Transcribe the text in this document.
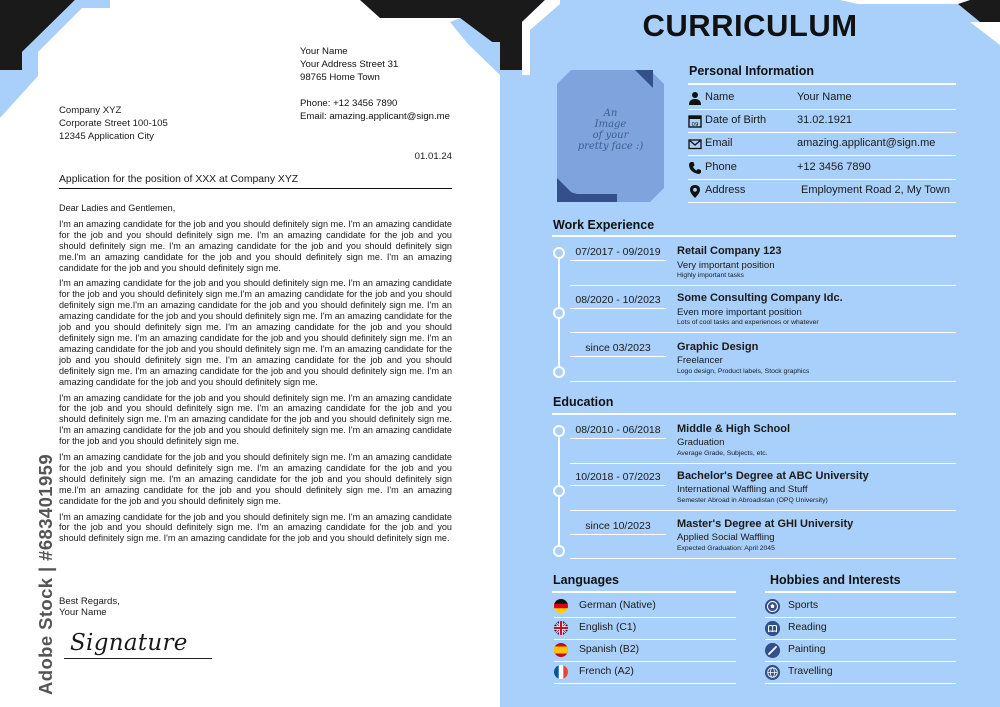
Your Name
Your Address Street 31
98765 Home Town
Phone: +12 3456 7890
Email: amazing.applicant@sign.me
Company XYZ
Corporate Street 100-105
12345 Application City
01.01.24
Application for the position of XXX at Company XYZ

Dear Ladies and Gentlemen,

I'm an amazing candidate for the job and you should definitely sign me. I'm an amazing candidate for the job and you should definitely sign me. I'm an amazing candidate for the job and you should definitely sign me. I'm an amazing candidate for the job and you should definitely sign me.I'm an amazing candidate for the job and you should definitely sign me. I'm an amazing candidate for the job and you should definitely sign me.

I'm an amazing candidate for the job and you should definitely sign me. I'm an amazing candidate for the job and you should definitely sign me.I'm an amazing candidate for the job and you should definitely sign me.I'm an amazing candidate for the job and you should definitely sign me. I'm an amazing candidate for the job and you should definitely sign me. I'm an amazing candidate for the job and you should definitely sign me. I'm an amazing candidate for the job and you should definitely sign me. I'm an amazing candidate for the job and you should definitely sign me. I'm an amazing candidate for the job and you should definitely sign me. I'm an amazing candidate for the job and you should definitely sign me. I'm an amazing candidate for the job and you should definitely sign me. I'm an amazing candidate for the job and you should definitely sign me. I'm an amazing candidate for the job and you should definitely sign me.

I'm an amazing candidate for the job and you should definitely sign me. I'm an amazing candidate for the job and you should definitely sign me. I'm an amazing candidate for the job and you should definitely sign me. I'm an amazing candidate for the job and you should definitely sign me. I'm an amazing candidate for the job and you should definitely sign me. I'm an amazing candidate for the job and you should definitely sign me.

I'm an amazing candidate for the job and you should definitely sign me. I'm an amazing candidate for the job and you should definitely sign me. I'm an amazing candidate for the job and you should definitely sign me. I'm an amazing candidate for the job and you should definitely sign me.I'm an amazing candidate for the job and you should definitely sign me. I'm an amazing candidate for the job and you should definitely sign me.

I'm an amazing candidate for the job and you should definitely sign me. I'm an amazing candidate for the job and you should definitely sign me. I'm an amazing candidate for the job and you should definitely sign me. I'm an amazing candidate for the job and you should definitely sign me.

Best Regards,
Your Name
Signature
Adobe Stock | #683401959
CURRICULUM
An
Image
of your
pretty face :)
Personal Information
Name	Your Name
09 Date of Birth	31.02.1921
Email	amazing.applicant@sign.me
Phone	+12 3456 7890
Address	Employment Road 2, My Town
Work Experience
07/2017 - 09/2019	Retail Company 123
Very important position
Highly important tasks
08/2020 - 10/2023	Some Consulting Company Idc.
Even more important position
Lots of cool tasks and experiences or whatever
since 03/2023	Graphic Design
Freelancer
Logo design, Product labels, Stock graphics
Education
08/2010 - 06/2018	Middle & High School
Graduation
Average Grade, Subjects, etc.
10/2018 - 07/2023	Bachelor's Degree at ABC University
International Waffling and Stuff
Semester Abroad in Abroadistan (OPQ University)
since 10/2023	Master's Degree at GHI University
Applied Social Waffling
Expected Graduation: April 2045
Languages
German (Native)
English (C1)
Spanish (B2)
French (A2)
Hobbies and Interests
Sports
Reading
Painting
Travelling
